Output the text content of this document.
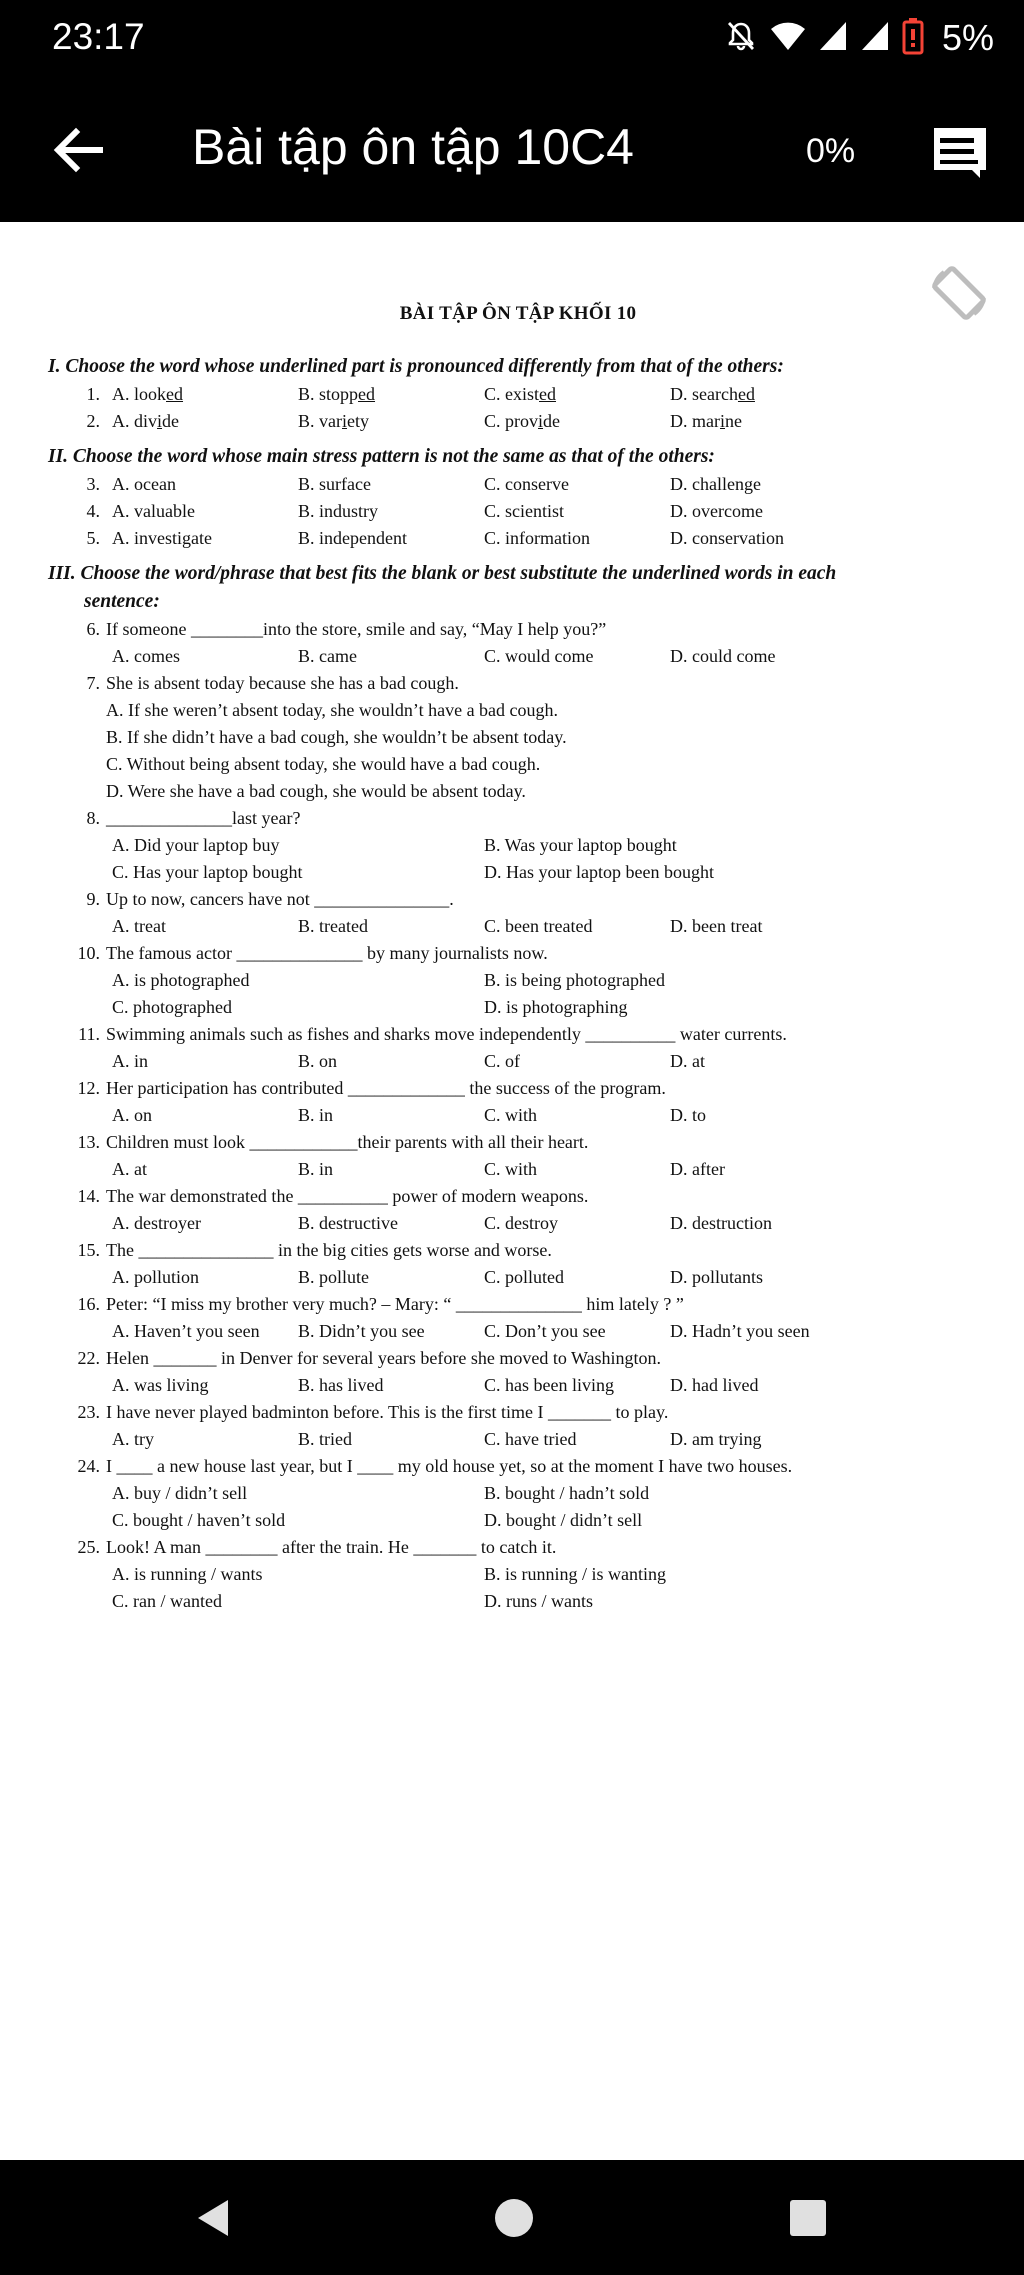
23:17	5%
Bài tập ôn tập 10C4	0%
BÀI TẬP ÔN TẬP KHỐI 10
I. Choose the word whose underlined part is pronounced differently from that of the others:
1. A. looked	B. stopped	C. existed	D. searched
2. A. divide	B. variety	C. provide	D. marine
II. Choose the word whose main stress pattern is not the same as that of the others:
3. A. ocean	B. surface	C. conserve	D. challenge
4. A. valuable	B. industry	C. scientist	D. overcome
5. A. investigate	B. independent	C. information	D. conservation
III. Choose the word/phrase that best fits the blank or best substitute the underlined words in each
sentence:
6. If someone ________into the store, smile and say, “May I help you?”
A. comes	B. came	C. would come	D. could come
7. She is absent today because she has a bad cough.
A. If she weren’t absent today, she wouldn’t have a bad cough.
B. If she didn’t have a bad cough, she wouldn’t be absent today.
C. Without being absent today, she would have a bad cough.
D. Were she have a bad cough, she would be absent today.
8. ______________last year?
A. Did your laptop buy	B. Was your laptop bought
C. Has your laptop bought	D. Has your laptop been bought
9. Up to now, cancers have not _______________.
A. treat	B. treated	C. been treated	D. been treat
10. The famous actor ______________ by many journalists now.
A. is photographed	B. is being photographed
C. photographed	D. is photographing
11. Swimming animals such as fishes and sharks move independently __________ water currents.
A. in	B. on	C. of	D. at
12. Her participation has contributed _____________ the success of the program.
A. on	B. in	C. with	D. to
13. Children must look ____________their parents with all their heart.
A. at	B. in	C. with	D. after
14. The war demonstrated the __________ power of modern weapons.
A. destroyer	B. destructive	C. destroy	D. destruction
15. The _______________ in the big cities gets worse and worse.
A. pollution	B. pollute	C. polluted	D. pollutants
16. Peter: “I miss my brother very much? – Mary: “ ______________ him lately ? ”
A. Haven’t you seen	B. Didn’t you see	C. Don’t you see	D. Hadn’t you seen
22. Helen _______ in Denver for several years before she moved to Washington.
A. was living	B. has lived	C. has been living	D. had lived
23. I have never played badminton before. This is the first time I _______ to play.
A. try	B. tried	C. have tried	D. am trying
24. I ____ a new house last year, but I ____ my old house yet, so at the moment I have two houses.
A. buy / didn’t sell	B. bought / hadn’t sold
C. bought / haven’t sold	D. bought / didn’t sell
25. Look! A man ________ after the train. He _______ to catch it.
A. is running / wants	B. is running / is wanting
C. ran / wanted	D. runs / wants
